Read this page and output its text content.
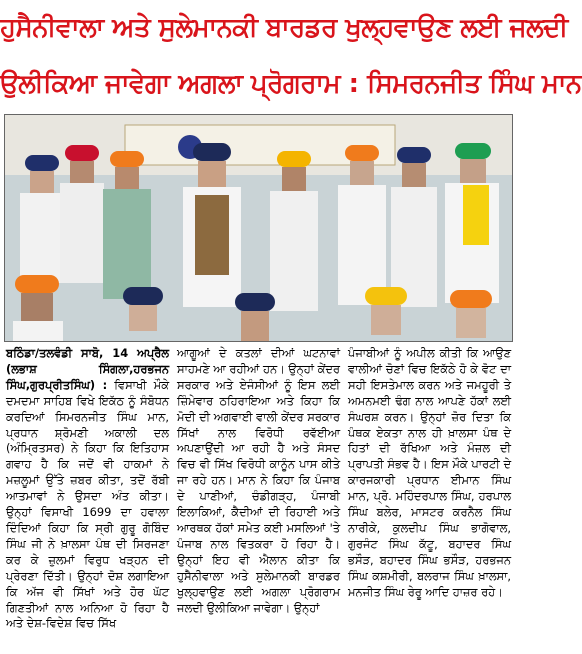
ਹੁਸੈਨੀਵਾਲਾ ਅਤੇ ਸੁਲੇਮਾਨਕੀ ਬਾਰਡਰ ਖੁਲ੍ਹਵਾਉਣ ਲਈ ਜਲਦੀ
ਉਲੀਕਿਆ ਜਾਵੇਗਾ ਅਗਲਾ ਪ੍ਰੋਗਰਾਮ : ਸਿਮਰਨਜੀਤ ਸਿੰਘ ਮਾਨ
ਬਠਿੰਡਾ/ਤਲਵੰਡੀ ਸਾਬੋ, 14 ਅਪ੍ਰੈਲ (ਲਭਾਸ਼ ਸਿੰਗਲਾ,ਹਰਭਜਨ ਸਿੰਘ,ਗੁਰਪ੍ਰੀਤਸਿੰਘ) : ਵਿਸਾਖੀ ਮੌਕੇ ਦਮਦਮਾ ਸਾਹਿਬ ਵਿਖੇ ਇਕੱਠ ਨੂੰ ਸੰਬੋਧਨ ਕਰਦਿਆਂ ਸਿਮਰਨਜੀਤ ਸਿੰਘ ਮਾਨ, ਪ੍ਰਧਾਨ ਸ਼੍ਰੋਮਣੀ ਅਕਾਲੀ ਦਲ (ਅੰਮ੍ਰਿਤਸਰ) ਨੇ ਕਿਹਾ ਕਿ ਇਤਿਹਾਸ ਗਵਾਹ ਹੈ ਕਿ ਜਦੋਂ ਵੀ ਹਾਕਮਾਂ ਨੇ ਮਜ਼ਲੂਮਾਂ ਉੱਤੇ ਜ਼ਬਰ ਕੀਤਾ, ਤਦੋਂ ਰੱਬੀ ਆਤਮਾਵਾਂ ਨੇ ਉਸਦਾ ਅੰਤ ਕੀਤਾ। ਉਨ੍ਹਾਂ ਵਿਸਾਖੀ 1699 ਦਾ ਹਵਾਲਾ ਦਿੰਦਿਆਂ ਕਿਹਾ ਕਿ ਸ੍ਰੀ ਗੁਰੂ ਗੋਬਿੰਦ ਸਿੰਘ ਜੀ ਨੇ ਖ਼ਾਲਸਾ ਪੰਥ ਦੀ ਸਿਰਜਣਾ ਕਰ ਕੇ ਜ਼ੁਲਮਾਂ ਵਿਰੁਧ ਖੜ੍ਹਨ ਦੀ ਪ੍ਰੇਰਣਾ ਦਿੱਤੀ। ਉਨ੍ਹਾਂ ਦੋਸ਼ ਲਗਾਇਆ ਕਿ ਅੱਜ ਵੀ ਸਿੱਖਾਂ ਅਤੇ ਹੋਰ ਘੱਟ ਗਿਣਤੀਆਂ ਨਾਲ ਅਨਿਆ ਹੋ ਰਿਹਾ ਹੈ ਅਤੇ ਦੇਸ਼-ਵਿਦੇਸ਼ ਵਿਚ ਸਿੱਖ
ਆਗੂਆਂ ਦੇ ਕਤਲਾਂ ਦੀਆਂ ਘਟਨਾਵਾਂ ਸਾਹਮਣੇ ਆ ਰਹੀਆਂ ਹਨ। ਉਨ੍ਹਾਂ ਕੇਂਦਰ ਸਰਕਾਰ ਅਤੇ ਏਜੰਸੀਆਂ ਨੂੰ ਇਸ ਲਈ ਜ਼ਿੰਮੇਵਾਰ ਠਹਿਰਾਇਆ ਅਤੇ ਕਿਹਾ ਕਿ ਮੋਦੀ ਦੀ ਅਗਵਾਈ ਵਾਲੀ ਕੇਂਦਰ ਸਰਕਾਰ ਸਿੱਖਾਂ ਨਾਲ ਵਿਰੋਧੀ ਰਵੱਈਆ ਅਪਣਾਉਂਦੀ ਆ ਰਹੀ ਹੈ ਅਤੇ ਸੰਸਦ ਵਿਚ ਵੀ ਸਿੱਖ ਵਿਰੋਧੀ ਕਾਨੂੰਨ ਪਾਸ ਕੀਤੇ ਜਾ ਰਹੇ ਹਨ। ਮਾਨ ਨੇ ਕਿਹਾ ਕਿ ਪੰਜਾਬ ਦੇ ਪਾਣੀਆਂ, ਚੰਡੀਗੜ੍ਹ, ਪੰਜਾਬੀ ਇਲਾਕਿਆਂ, ਕੈਦੀਆਂ ਦੀ ਰਿਹਾਈ ਅਤੇ ਆਰਥਕ ਹੱਕਾਂ ਸਮੇਤ ਕਈ ਮਸਲਿਆਂ 'ਤੇ ਪੰਜਾਬ ਨਾਲ ਵਿਤਕਰਾ ਹੋ ਰਿਹਾ ਹੈ। ਉਨ੍ਹਾਂ ਇਹ ਵੀ ਐਲਾਨ ਕੀਤਾ ਕਿ ਹੁਸੈਨੀਵਾਲਾ ਅਤੇ ਸੁਲੇਮਾਨਕੀ ਬਾਰਡਰ ਖੁਲ੍ਹਵਾਉਣ ਲਈ ਅਗਲਾ ਪ੍ਰੋਗਰਾਮ ਜਲਦੀ ਉਲੀਕਿਆ ਜਾਵੇਗਾ। ਉਨ੍ਹਾਂ
ਪੰਜਾਬੀਆਂ ਨੂੰ ਅਪੀਲ ਕੀਤੀ ਕਿ ਆਉਣ ਵਾਲੀਆਂ ਚੋਣਾਂ ਵਿਚ ਇਕੱਠੇ ਹੋ ਕੇ ਵੋਟ ਦਾ ਸਹੀ ਇਸਤੇਮਾਲ ਕਰਨ ਅਤੇ ਜਮਹੂਰੀ ਤੇ ਅਮਨਮਈ ਢੰਗ ਨਾਲ ਆਪਣੇ ਹੱਕਾਂ ਲਈ ਸੰਘਰਸ਼ ਕਰਨ। ਉਨ੍ਹਾਂ ਜ਼ੋਰ ਦਿਤਾ ਕਿ ਪੰਥਕ ਏਕਤਾ ਨਾਲ ਹੀ ਖ਼ਾਲਸਾ ਪੰਥ ਦੇ ਹਿਤਾਂ ਦੀ ਰੱਖਿਆ ਅਤੇ ਮੰਜ਼ਲ ਦੀ ਪ੍ਰਾਪਤੀ ਸੰਭਵ ਹੈ। ਇਸ ਮੌਕੇ ਪਾਰਟੀ ਦੇ ਕਾਰਜਕਾਰੀ ਪ੍ਰਧਾਨ ਈਮਾਨ ਸਿੰਘ ਮਾਨ, ਪ੍ਰੋ. ਮਹਿੰਦਰਪਾਲ ਸਿੰਘ, ਹਰਪਾਲ ਸਿੰਘ ਬਲੇਰ, ਮਾਸਟਰ ਕਰਨੈਲ ਸਿੰਘ ਨਾਰੀਕੇ, ਕੁਲਦੀਪ ਸਿੰਘ ਭਾਗੋਵਾਲ, ਗੁਰਜੰਟ ਸਿੰਘ ਕੱਟੂ, ਬਹਾਦਰ ਸਿੰਘ ਭਸੌੜ, ਬਹਾਦਰ ਸਿੰਘ ਭਸੌੜ, ਹਰਭਜਨ ਸਿੰਘ ਕਸ਼ਮੀਰੀ, ਬਲਰਾਜ ਸਿੰਘ ਖ਼ਾਲਸਾ, ਮਨਜੀਤ ਸਿੰਘ ਰੇਰੂ ਆਦਿ ਹਾਜ਼ਰ ਰਹੇ।
